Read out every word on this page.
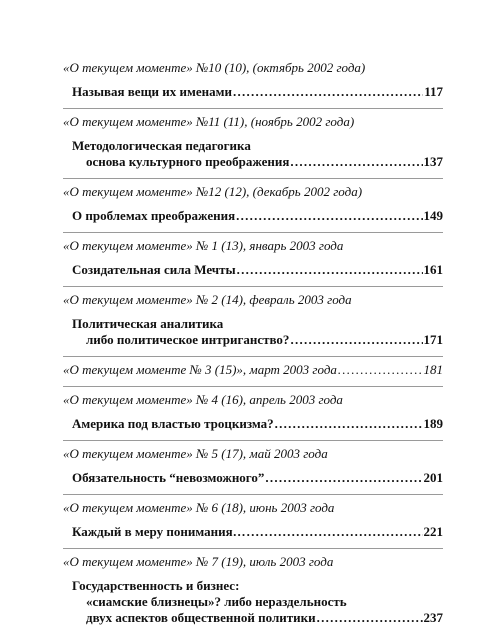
«О текущем моменте» №10 (10), (октябрь 2002 года)
Называя вещи их именами . . .	117
«О текущем моменте» №11 (11), (ноябрь 2002 года)
Методологическая педагогика
основа культурного преображения . . .	137
«О текущем моменте» №12 (12), (декабрь 2002 года)
О проблемах преображения . . .	149
«О текущем моменте» № 1 (13), январь 2003 года
Созидательная сила Мечты . . .	161
«О текущем моменте» № 2 (14), февраль 2003 года
Политическая аналитика
либо политическое интриганство? . . .	171
«О текущем моменте № 3 (15)», март 2003 года . . .	181
«О текущем моменте» № 4 (16), апрель 2003 года
Америка под властью троцкизма? . . .	189
«О текущем моменте» № 5 (17), май 2003 года
Обязательность “невозможного” . . .	201
«О текущем моменте» № 6 (18), июнь 2003 года
Каждый в меру понимания… . . .	221
«О текущем моменте» № 7 (19), июль 2003 года
Государственность и бизнес:
«сиамские близнецы»? либо нераздельность
двух аспектов общественной политики . . .	237
